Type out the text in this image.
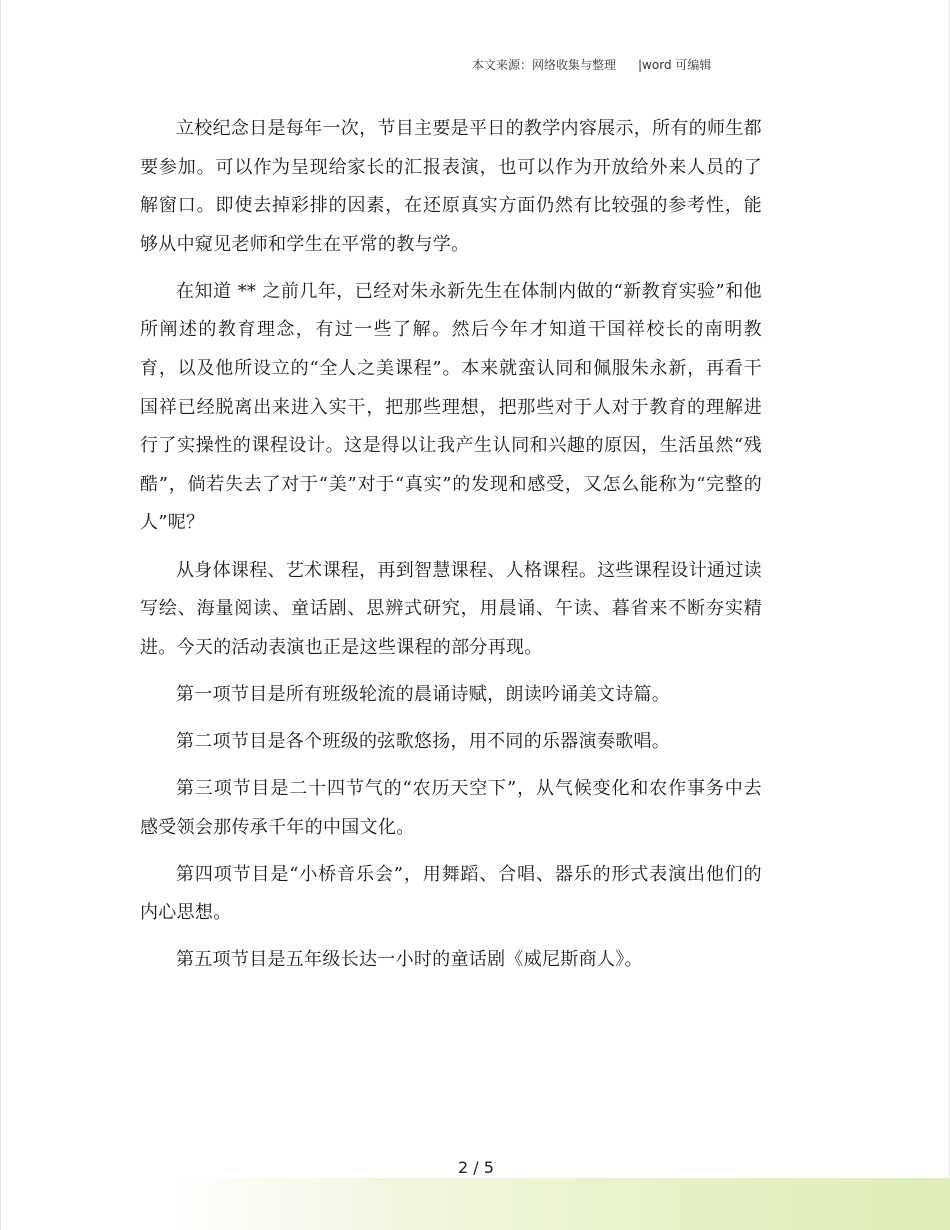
本文来源：网络收集与整理 |word 可编辑

立校纪念日是每年一次，节目主要是平日的教学内容展示，所有的师生都要参加。可以作为呈现给家长的汇报表演，也可以作为开放给外来人员的了解窗口。即使去掉彩排的因素，在还原真实方面仍然有比较强的参考性，能够从中窥见老师和学生在平常的教与学。

在知道 ** 之前几年，已经对朱永新先生在体制内做的“新教育实验”和他所阐述的教育理念，有过一些了解。然后今年才知道干国祥校长的南明教育，以及他所设立的“全人之美课程”。本来就蛮认同和佩服朱永新，再看干国祥已经脱离出来进入实干，把那些理想，把那些对于人对于教育的理解进行了实操性的课程设计。这是得以让我产生认同和兴趣的原因，生活虽然“残酷”，倘若失去了对于“美”对于“真实”的发现和感受，又怎么能称为“完整的人”呢？

从身体课程、艺术课程，再到智慧课程、人格课程。这些课程设计通过读写绘、海量阅读、童话剧、思辨式研究，用晨诵、午读、暮省来不断夯实精进。今天的活动表演也正是这些课程的部分再现。

第一项节目是所有班级轮流的晨诵诗赋，朗读吟诵美文诗篇。

第二项节目是各个班级的弦歌悠扬，用不同的乐器演奏歌唱。

第三项节目是二十四节气的“农历天空下”，从气候变化和农作事务中去感受领会那传承千年的中国文化。

第四项节目是“小桥音乐会”，用舞蹈、合唱、器乐的形式表演出他们的内心思想。

第五项节目是五年级长达一小时的童话剧《威尼斯商人》。

2 / 5
